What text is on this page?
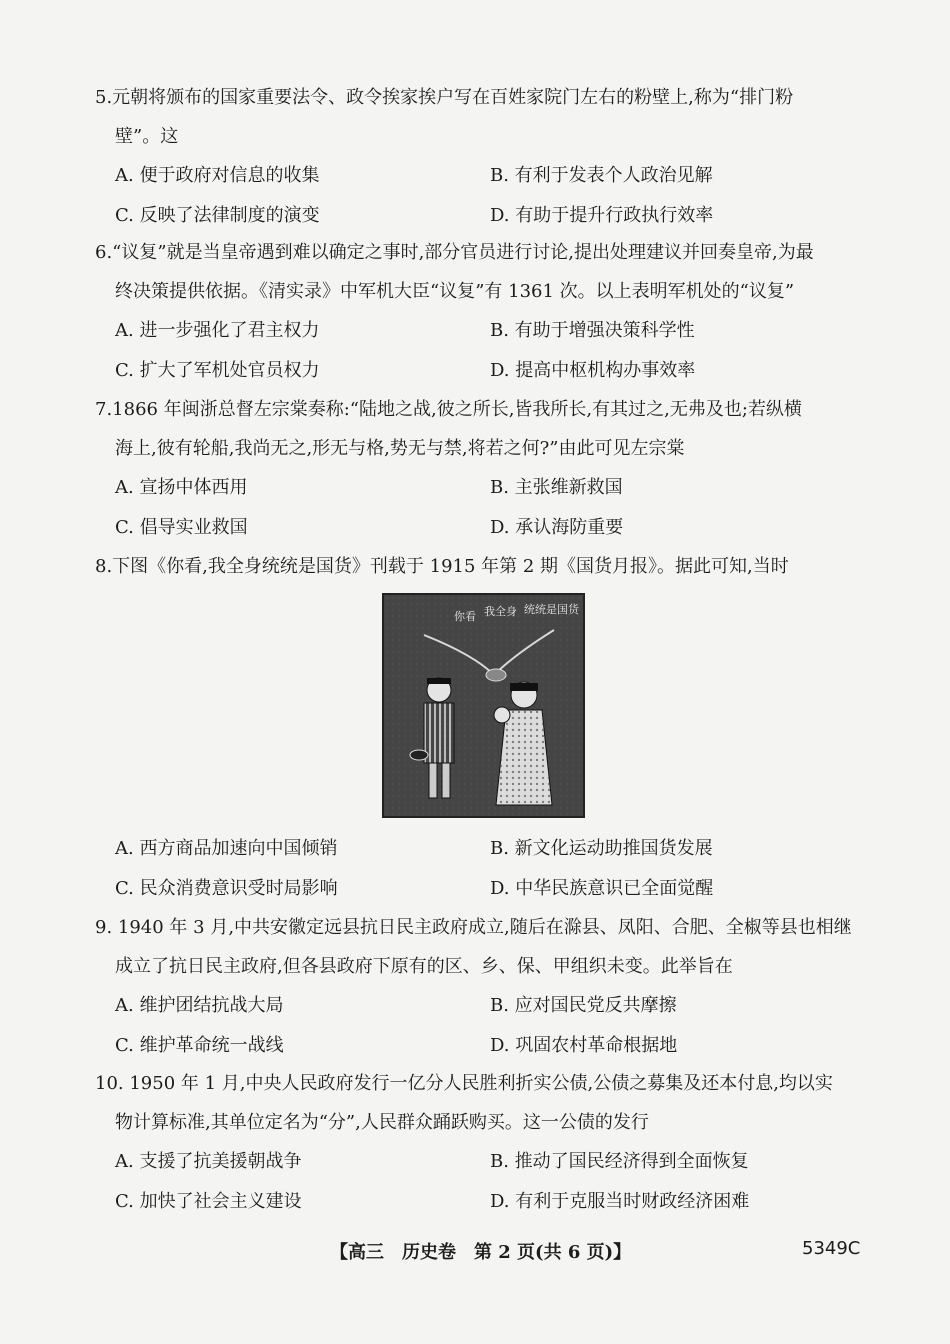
5.元朝将颁布的国家重要法令、政令挨家挨户写在百姓家院门左右的粉壁上,称为“排门粉
壁”。这
A. 便于政府对信息的收集	B. 有利于发表个人政治见解
C. 反映了法律制度的演变	D. 有助于提升行政执行效率
6.“议复”就是当皇帝遇到难以确定之事时,部分官员进行讨论,提出处理建议并回奏皇帝,为最
终决策提供依据。《清实录》中军机大臣“议复”有 1361 次。以上表明军机处的“议复”
A. 进一步强化了君主权力	B. 有助于增强决策科学性
C. 扩大了军机处官员权力	D. 提高中枢机构办事效率
7.1866 年闽浙总督左宗棠奏称:“陆地之战,彼之所长,皆我所长,有其过之,无弗及也;若纵横
海上,彼有轮船,我尚无之,形无与格,势无与禁,将若之何?”由此可见左宗棠
A. 宣扬中体西用	B. 主张维新救国
C. 倡导实业救国	D. 承认海防重要
8.下图《你看,我全身统统是国货》刊载于 1915 年第 2 期《国货月报》。据此可知,当时
你看 我全身 统统是国货
A. 西方商品加速向中国倾销	B. 新文化运动助推国货发展
C. 民众消费意识受时局影响	D. 中华民族意识已全面觉醒
9. 1940 年 3 月,中共安徽定远县抗日民主政府成立,随后在滁县、凤阳、合肥、全椒等县也相继
成立了抗日民主政府,但各县政府下原有的区、乡、保、甲组织未变。此举旨在
A. 维护团结抗战大局	B. 应对国民党反共摩擦
C. 维护革命统一战线	D. 巩固农村革命根据地
10. 1950 年 1 月,中央人民政府发行一亿分人民胜利折实公债,公债之募集及还本付息,均以实
物计算标准,其单位定名为“分”,人民群众踊跃购买。这一公债的发行
A. 支援了抗美援朝战争	B. 推动了国民经济得到全面恢复
C. 加快了社会主义建设	D. 有利于克服当时财政经济困难
【高三　历史卷　第 2 页(共 6 页)】	5349C
